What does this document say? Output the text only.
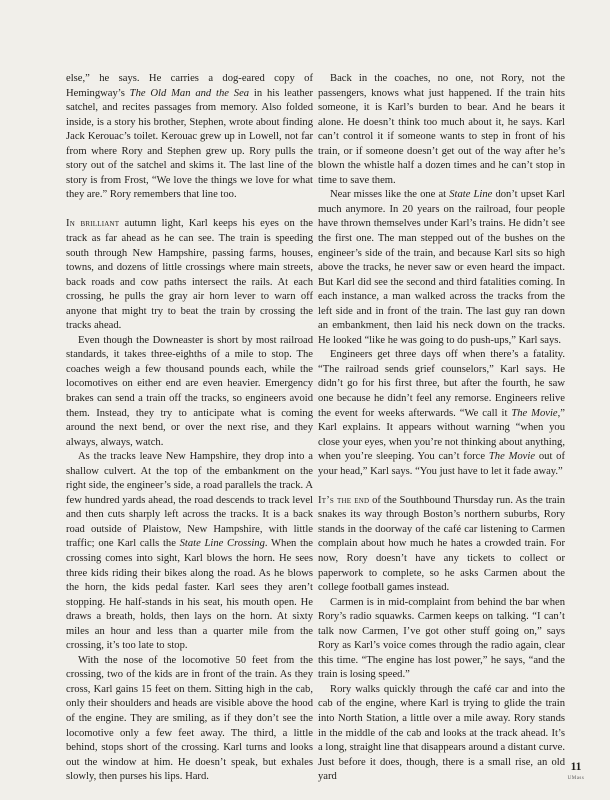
else,” he says. He carries a dog-eared copy of Hemingway’s The Old Man and the Sea in his leather satchel, and recites passages from memory. Also folded inside, is a story his brother, Stephen, wrote about finding Jack Kerouac’s toilet. Kerouac grew up in Lowell, not far from where Rory and Stephen grew up. Rory pulls the story out of the satchel and skims it. The last line of the story is from Frost, “We love the things we love for what they are.” Rory remembers that line too.

In brilliant autumn light, Karl keeps his eyes on the track as far ahead as he can see. The train is speeding south through New Hampshire, passing farms, houses, towns, and dozens of little crossings where main streets, back roads and cow paths intersect the rails. At each crossing, he pulls the gray air horn lever to warn off anyone that might try to beat the train by crossing the tracks ahead.

Even though the Downeaster is short by most railroad standards, it takes three-eighths of a mile to stop. The coaches weigh a few thousand pounds each, while the locomotives on either end are even heavier. Emergency brakes can send a train off the tracks, so engineers avoid them. Instead, they try to anticipate what is coming around the next bend, or over the next rise, and they always, always, watch.

As the tracks leave New Hampshire, they drop into a shallow culvert. At the top of the embankment on the right side, the engineer’s side, a road parallels the track. A few hundred yards ahead, the road descends to track level and then cuts sharply left across the tracks. It is a back road outside of Plaistow, New Hampshire, with little traffic; one Karl calls the State Line Crossing. When the crossing comes into sight, Karl blows the horn. He sees three kids riding their bikes along the road. As he blows the horn, the kids pedal faster. Karl sees they aren’t stopping. He half-stands in his seat, his mouth open. He draws a breath, holds, then lays on the horn. At sixty miles an hour and less than a quarter mile from the crossing, it’s too late to stop.

With the nose of the locomotive 50 feet from the crossing, two of the kids are in front of the train. As they cross, Karl gains 15 feet on them. Sitting high in the cab, only their shoulders and heads are visible above the hood of the engine. They are smiling, as if they don’t see the locomotive only a few feet away. The third, a little behind, stops short of the crossing. Karl turns and looks out the window at him. He doesn’t speak, but exhales slowly, then purses his lips. Hard.

Back in the coaches, no one, not Rory, not the passengers, knows what just happened. If the train hits someone, it is Karl’s burden to bear. And he bears it alone. He doesn’t think too much about it, he says. Karl can’t control it if someone wants to step in front of his train, or if someone doesn’t get out of the way after he’s blown the whistle half a dozen times and he can’t stop in time to save them.

Near misses like the one at State Line don’t upset Karl much anymore. In 20 years on the railroad, four people have thrown themselves under Karl’s trains. He didn’t see the first one. The man stepped out of the bushes on the engineer’s side of the train, and because Karl sits so high above the tracks, he never saw or even heard the impact. But Karl did see the second and third fatalities coming. In each instance, a man walked across the tracks from the left side and in front of the train. The last guy ran down an embankment, then laid his neck down on the tracks. He looked “like he was going to do push-ups,” Karl says.

Engineers get three days off when there’s a fatality. “The railroad sends grief counselors,” Karl says. He didn’t go for his first three, but after the fourth, he saw one because he didn’t feel any remorse. Engineers relive the event for weeks afterwards. “We call it The Movie,” Karl explains. It appears without warning “when you close your eyes, when you’re not thinking about anything, when you’re sleeping. You can’t force The Movie out of your head,” Karl says. “You just have to let it fade away.”

It’s the end of the Southbound Thursday run. As the train snakes its way through Boston’s northern suburbs, Rory stands in the doorway of the café car listening to Carmen complain about how much he hates a crowded train. For now, Rory doesn’t have any tickets to collect or paperwork to complete, so he asks Carmen about the college football games instead.

Carmen is in mid-complaint from behind the bar when Rory’s radio squawks. Carmen keeps on talking. “I can’t talk now Carmen, I’ve got other stuff going on,” says Rory as Karl’s voice comes through the radio again, clear this time. “The engine has lost power,” he says, “and the train is losing speed.”

Rory walks quickly through the café car and into the cab of the engine, where Karl is trying to glide the train into North Station, a little over a mile away. Rory stands in the middle of the cab and looks at the track ahead. It’s a long, straight line that disappears around a distant curve. Just before it does, though, there is a small rise, an old yard

11
UMass
